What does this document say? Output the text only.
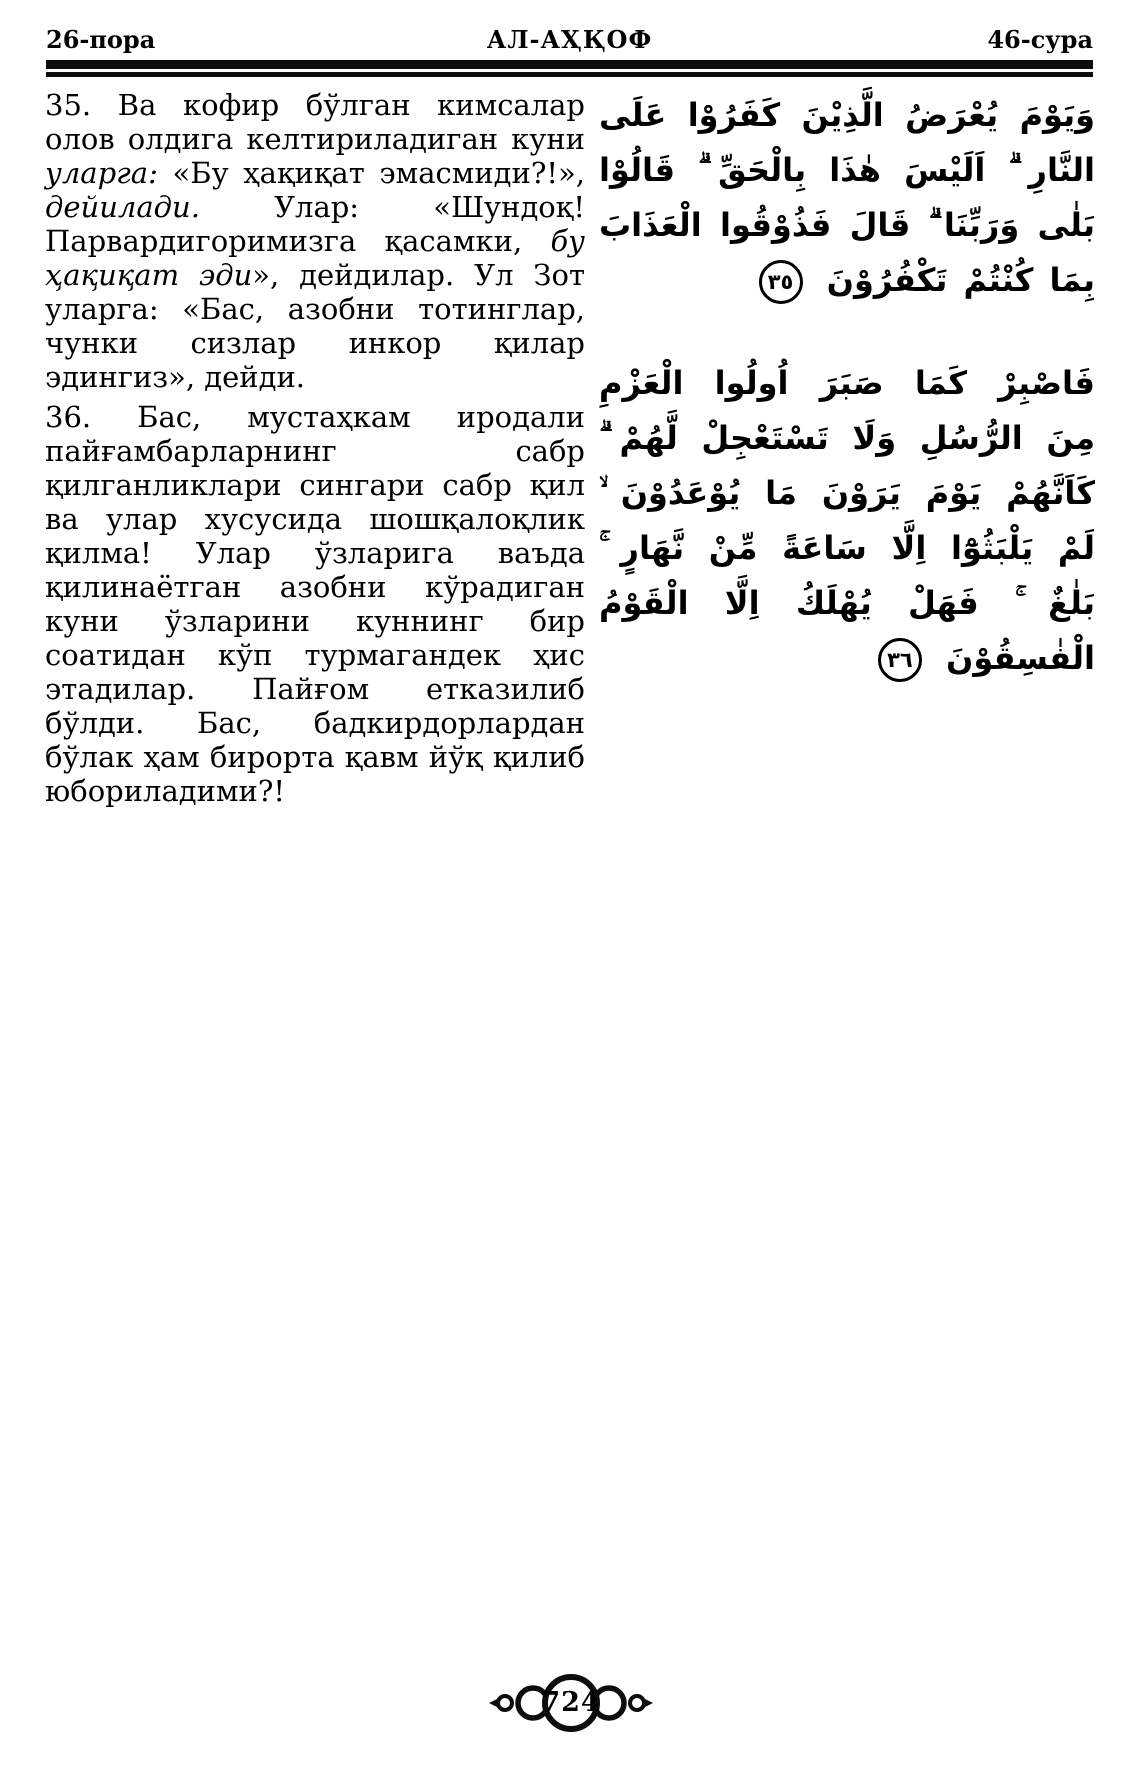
26-пора	АЛ-АҲҚОФ	46-сура

35. Ва кофир бўлган кимсалар олов олдига келтириладиган куни уларга: «Бу ҳақиқат эмасмиди?!», дейилади. Улар: «Шундоқ! Парвардигоримизга қасамки, бу ҳақиқат эди», дейдилар. Ул Зот уларга: «Бас, азобни тотинглар, чунки сизлар инкор қилар эдингиз», дейди.

36. Бас, мустаҳкам иродали пайғамбарларнинг сабр қилганликлари сингари сабр қил ва улар хусусида шошқалоқлик қилма! Улар ўзларига ваъда қилинаётган азобни кўрадиган куни ўзларини куннинг бир соатидан кўп турмагандек ҳис этадилар. Пайғом етказилиб бўлди. Бас, бадкирдорлардан бўлак ҳам бирорта қавм йўқ қилиб юбориладими?!

وَيَوْمَ يُعْرَضُ الَّذِيْنَ كَفَرُوْا عَلَى النَّارِ ۗ اَلَيْسَ هٰذَا بِالْحَقِّ ۗ قَالُوْا بَلٰى وَرَبِّنَا ۗ قَالَ فَذُوْقُوا الْعَذَابَ بِمَا كُنْتُمْ تَكْفُرُوْنَ ٣٥
فَاصْبِرْ كَمَا صَبَرَ اُولُوا الْعَزْمِ مِنَ الرُّسُلِ وَلَا تَسْتَعْجِلْ لَّهُمْ ۗ كَاَنَّهُمْ يَوْمَ يَرَوْنَ مَا يُوْعَدُوْنَ ۙ لَمْ يَلْبَثُوْٓا اِلَّا سَاعَةً مِّنْ نَّهَارٍ ۚ بَلٰغٌ ۚ فَهَلْ يُهْلَكُ اِلَّا الْقَوْمُ الْفٰسِقُوْنَ ٣٦
724
